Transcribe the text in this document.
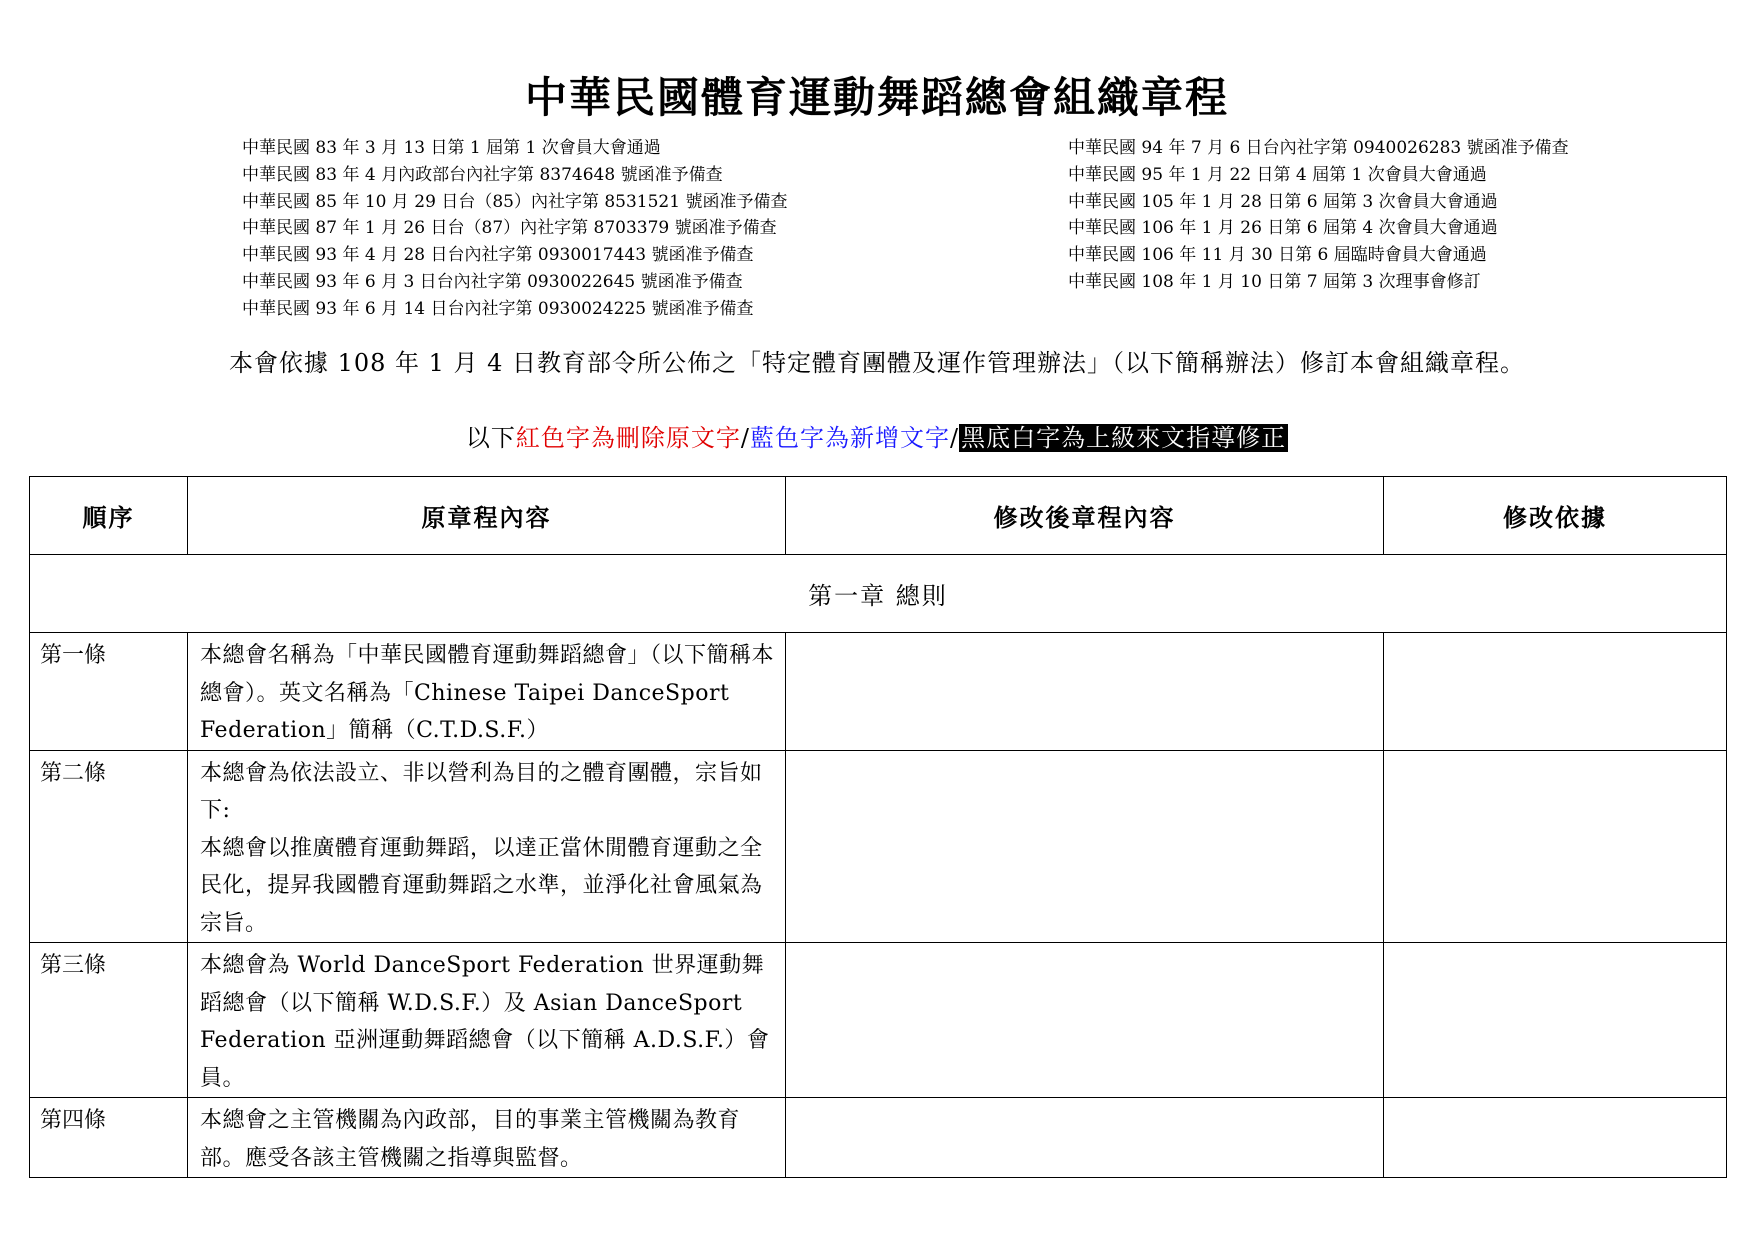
中華民國體育運動舞蹈總會組織章程
中華民國 83 年 3 月 13 日第 1 屆第 1 次會員大會通過
中華民國 83 年 4 月內政部台內社字第 8374648 號函准予備查
中華民國 85 年 10 月 29 日台（85）內社字第 8531521 號函准予備查
中華民國 87 年 1 月 26 日台（87）內社字第 8703379 號函准予備查
中華民國 93 年 4 月 28 日台內社字第 0930017443 號函准予備查
中華民國 93 年 6 月 3 日台內社字第 0930022645 號函准予備查
中華民國 93 年 6 月 14 日台內社字第 0930024225 號函准予備查
中華民國 94 年 7 月 6 日台內社字第 0940026283 號函准予備查
中華民國 95 年 1 月 22 日第 4 屆第 1 次會員大會通過
中華民國 105 年 1 月 28 日第 6 屆第 3 次會員大會通過
中華民國 106 年 1 月 26 日第 6 屆第 4 次會員大會通過
中華民國 106 年 11 月 30 日第 6 屆臨時會員大會通過
中華民國 108 年 1 月 10 日第 7 屆第 3 次理事會修訂
本會依據 108 年 1 月 4 日教育部令所公佈之「特定體育團體及運作管理辦法」（以下簡稱辦法）修訂本會組織章程。
以下紅色字為刪除原文字/藍色字為新增文字/黑底白字為上級來文指導修正
順序	原章程內容	修改後章程內容	修改依據
第一章 總則			
第一條	本總會名稱為「中華民國體育運動舞蹈總會」（以下簡稱本總會）。英文名稱為「Chinese Taipei DanceSport Federation」簡稱（C.T.D.S.F.）		
第二條	本總會為依法設立、非以營利為目的之體育團體，宗旨如下:
本總會以推廣體育運動舞蹈，以達正當休閒體育運動之全民化，提昇我國體育運動舞蹈之水準，並淨化社會風氣為宗旨。		

第三條	本總會為 World DanceSport Federation 世界運動舞蹈總會（以下簡稱 W.D.S.F.）及 Asian DanceSport Federation 亞洲運動舞蹈總會（以下簡稱 A.D.S.F.）會員。		
第四條	本總會之主管機關為內政部，目的事業主管機關為教育部。應受各該主管機關之指導與監督。		
